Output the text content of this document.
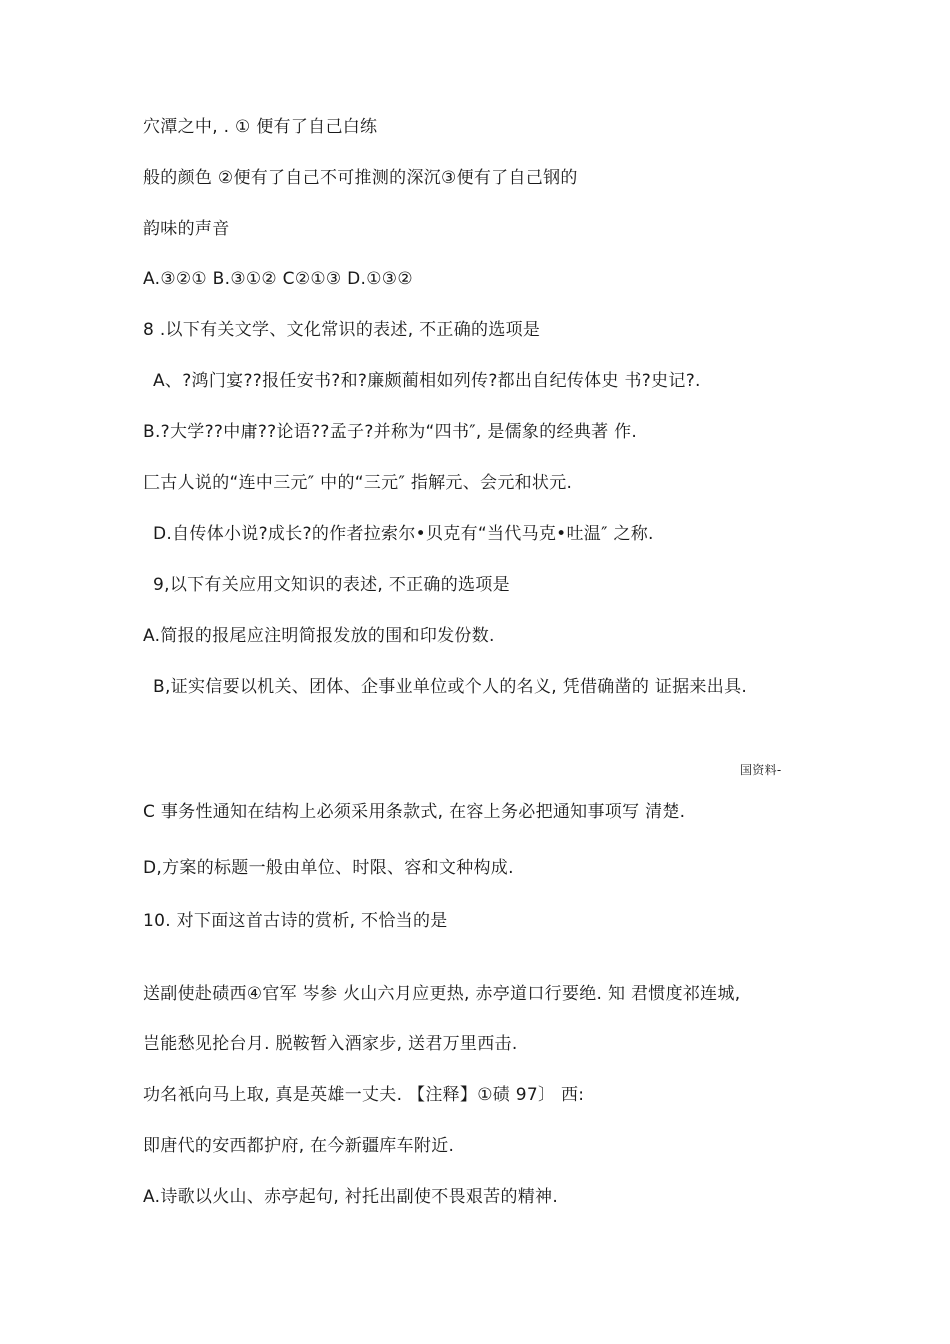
穴潭之中, . ① 便有了自己白练
般的颜色 ②便有了自己不可推测的深沉③便有了自己钢的
韵味的声音
A.③②① B.③①② C②①③ D.①③②
8 .以下有关文学、文化常识的表述, 不正确的选项是
A、?鸿门宴??报任安书?和?廉颇蔺相如列传?都出自纪传体史 书?史记?.
B.?大学??中庸??论语??孟子?并称为“四书″, 是儒象的经典著 作.
匚古人说的“连中三元″ 中的“三元″ 指解元、会元和状元.
D.自传体小说?成长?的作者拉索尔•贝克有“当代马克•吐温″ 之称.
9,以下有关应用文知识的表述, 不正确的选项是
A.简报的报尾应注明简报发放的围和印发份数.
B,证实信要以机关、团体、企事业单位或个人的名义, 凭借确凿的 证据来出具.
国资料-
C 事务性通知在结构上必须采用条款式, 在容上务必把通知事项写 清楚.
D,方案的标题一般由单位、时限、容和文种构成.
10. 对下面这首古诗的赏析, 不恰当的是
送副使赴碛西④官军 岑参 火山六月应更热, 赤亭道口行要绝. 知 君惯度祁连城,
岂能愁见抡台月. 脱鞍暂入酒家步, 送君万里西击.
功名衹向马上取, 真是英雄一丈夫. 【注释】①碛 97〕 西:
即唐代的安西都护府, 在今新疆库车附近.
A.诗歌以火山、赤亭起句, 衬托出副使不畏艰苦的精神.
